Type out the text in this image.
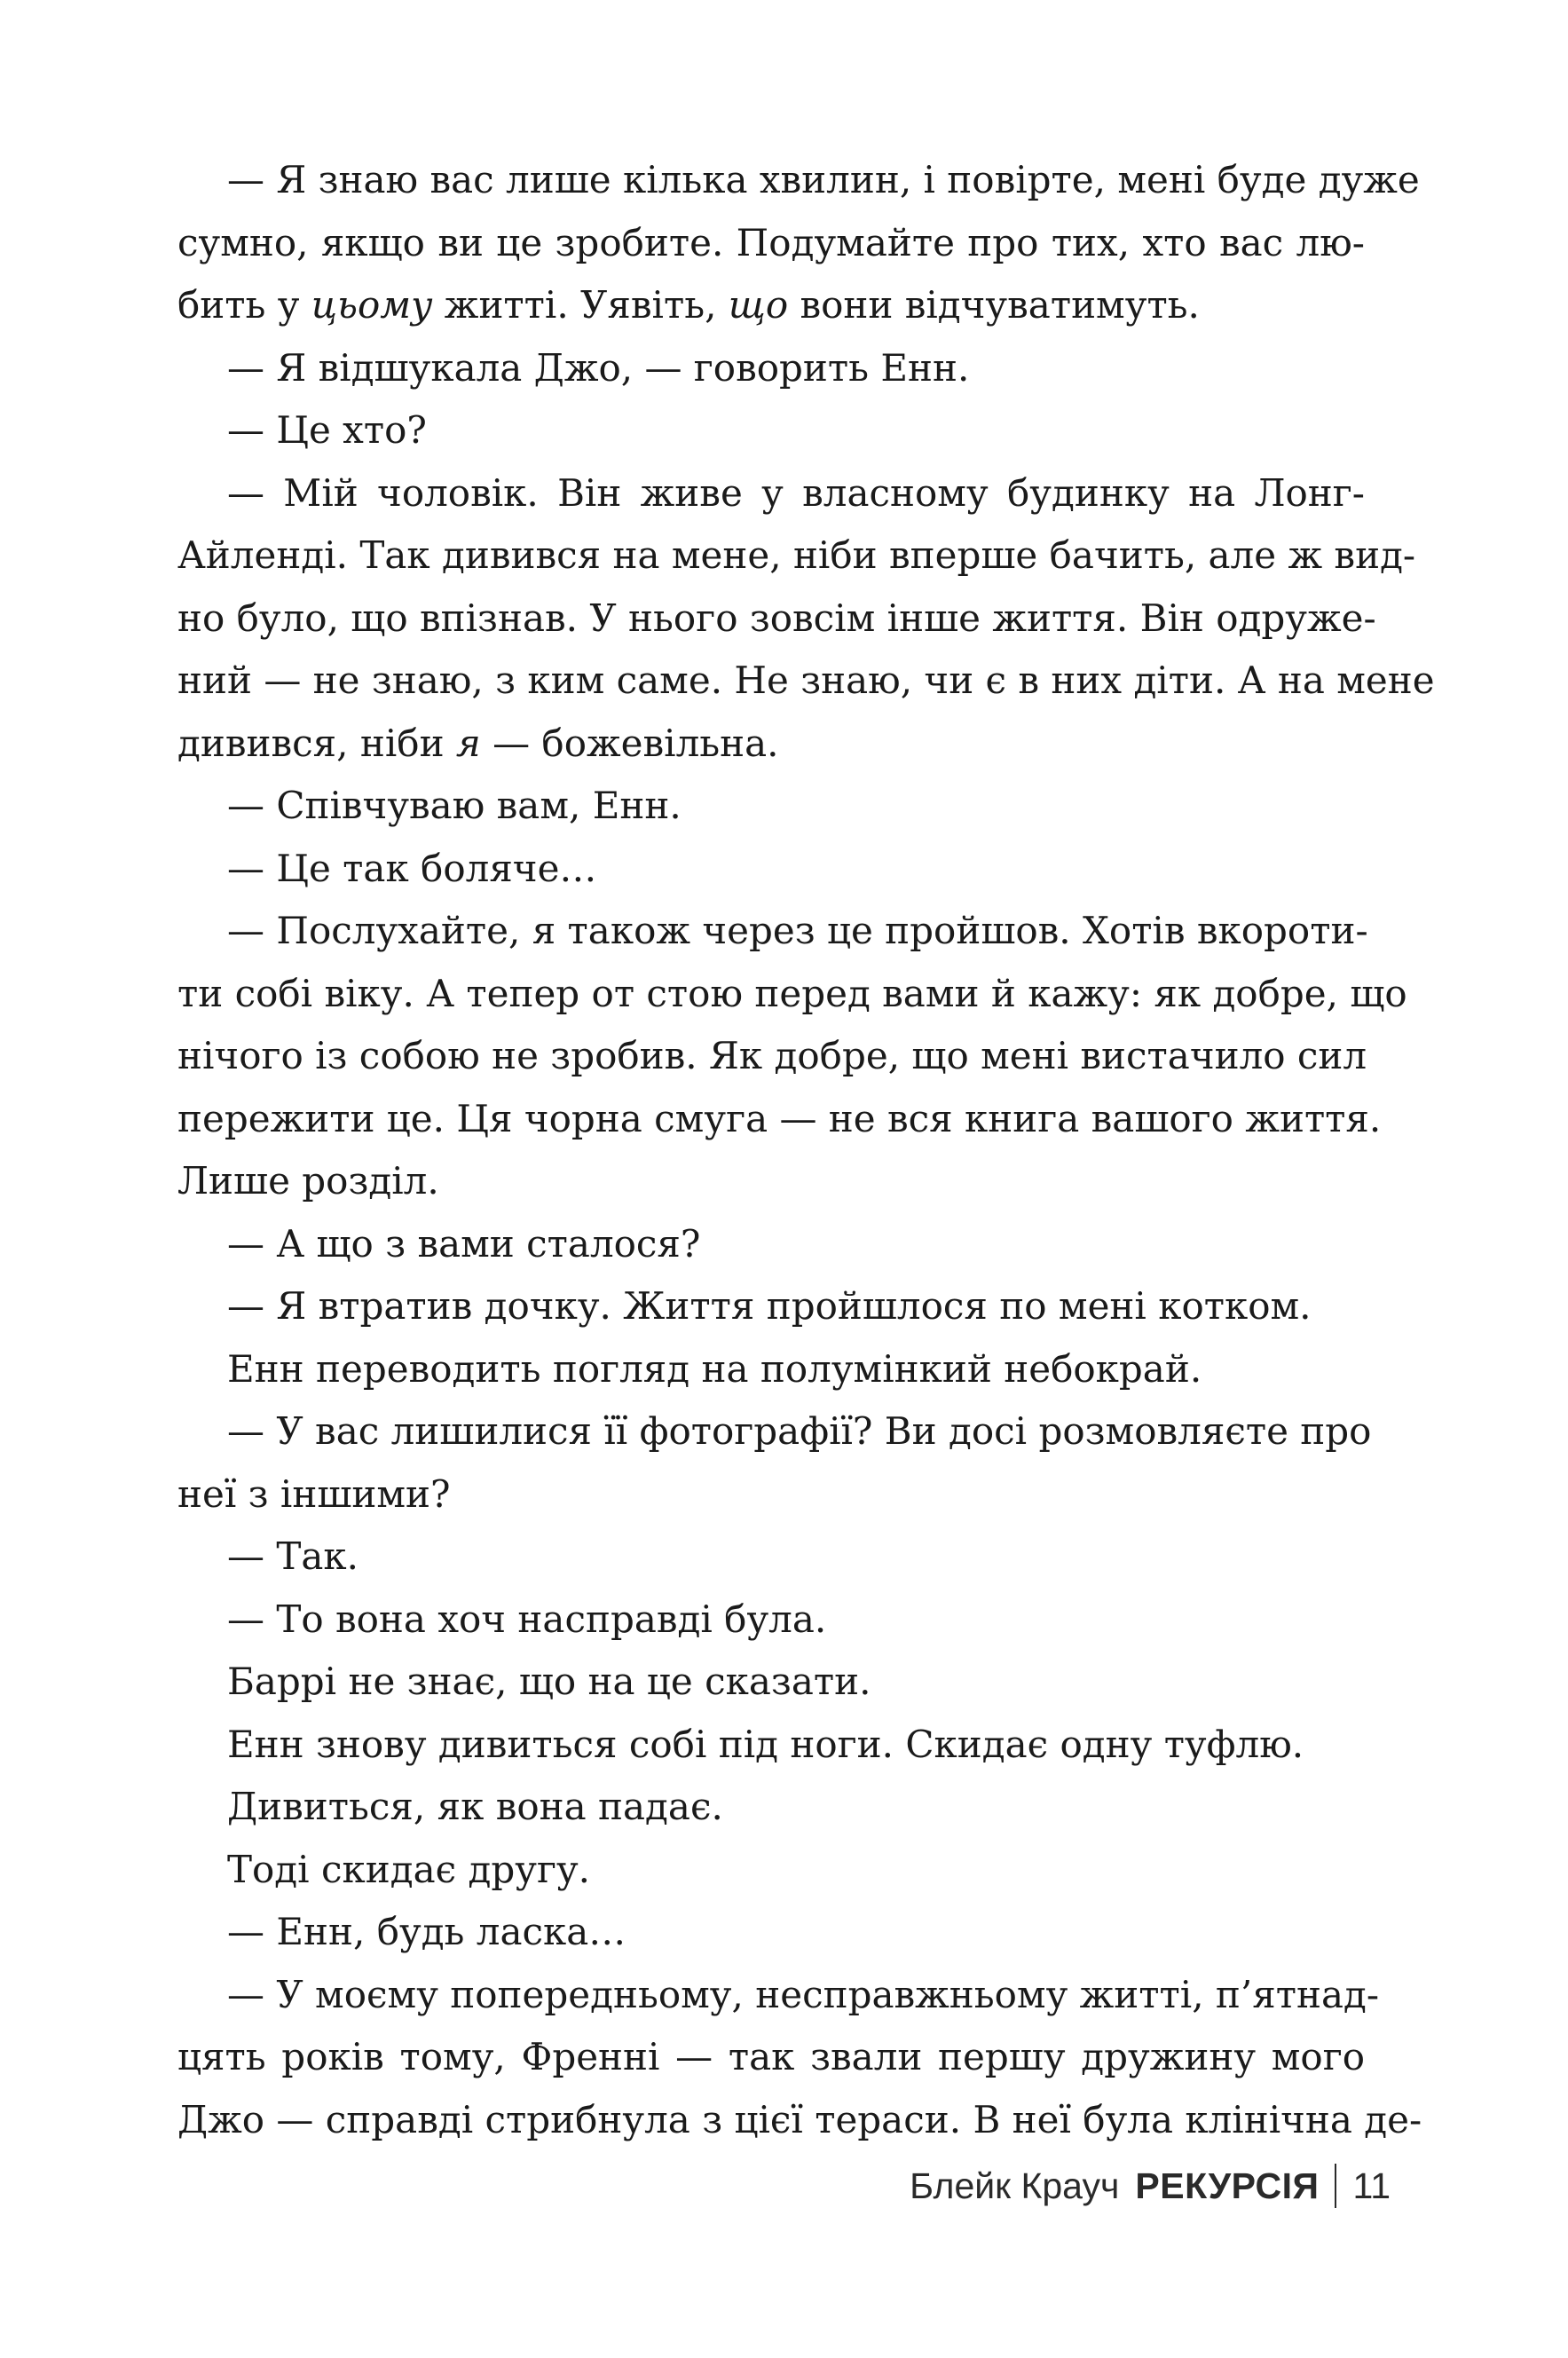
— Я знаю вас лише кілька хвилин, і повірте, мені буде дуже
сумно, якщо ви це зробите. Подумайте про тих, хто вас лю-
бить у цьому житті. Уявіть, що вони відчуватимуть.
— Я відшукала Джо, — говорить Енн.
— Це хто?
— Мій чоловік. Він живе у власному будинку на Лонг-
Айленді. Так дивився на мене, ніби вперше бачить, але ж вид-
но було, що впізнав. У нього зовсім інше життя. Він одруже-
ний — не знаю, з ким саме. Не знаю, чи є в них діти. А на мене
дивився, ніби я — божевільна.
— Співчуваю вам, Енн.
— Це так боляче…
— Послухайте, я також через це пройшов. Хотів вкороти-
ти собі віку. А тепер от стою перед вами й кажу: як добре, що
нічого із собою не зробив. Як добре, що мені вистачило сил
пережити це. Ця чорна смуга — не вся книга вашого життя.
Лише розділ.
— А що з вами сталося?
— Я втратив дочку. Життя пройшлося по мені котком.
Енн переводить погляд на полумінкий небокрай.
— У вас лишилися її фотографії? Ви досі розмовляєте про
неї з іншими?
— Так.
— То вона хоч насправді була.
Баррі не знає, що на це сказати.
Енн знову дивиться собі під ноги. Скидає одну туфлю.
Дивиться, як вона падає.
Тоді скидає другу.
— Енн, будь ласка…
— У моєму попередньому, несправжньому житті, п’ятнад-
цять років тому, Френні — так звали першу дружину мого
Джо — справді стрибнула з цієї тераси. В неї була клінічна де-
Блейк Крауч РЕКУРСІЯ 11
